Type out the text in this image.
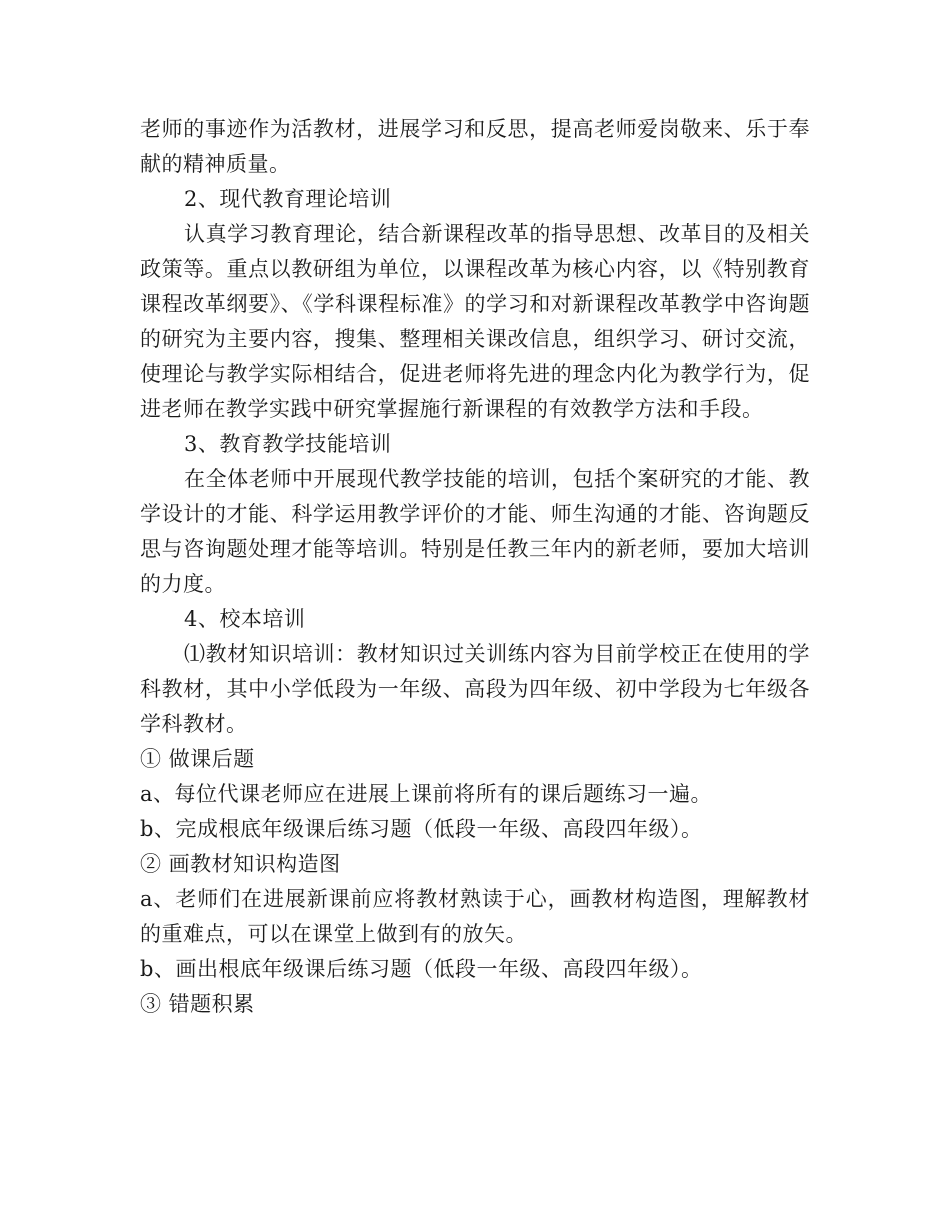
老师的事迹作为活教材，进展学习和反思，提高老师爱岗敬来、乐于奉献的精神质量。

2、现代教育理论培训

认真学习教育理论，结合新课程改革的指导思想、改革目的及相关政策等。重点以教研组为单位，以课程改革为核心内容，以《特别教育课程改革纲要》、《学科课程标准》的学习和对新课程改革教学中咨询题的研究为主要内容，搜集、整理相关课改信息，组织学习、研讨交流，使理论与教学实际相结合，促进老师将先进的理念内化为教学行为，促进老师在教学实践中研究掌握施行新课程的有效教学方法和手段。

3、教育教学技能培训

在全体老师中开展现代教学技能的培训，包括个案研究的才能、教学设计的才能、科学运用教学评价的才能、师生沟通的才能、咨询题反思与咨询题处理才能等培训。特别是任教三年内的新老师，要加大培训的力度。

4、校本培训

⑴教材知识培训：教材知识过关训练内容为目前学校正在使用的学科教材，其中小学低段为一年级、高段为四年级、初中学段为七年级各学科教材。

① 做课后题

a、每位代课老师应在进展上课前将所有的课后题练习一遍。

b、完成根底年级课后练习题（低段一年级、高段四年级）。

② 画教材知识构造图

a、老师们在进展新课前应将教材熟读于心，画教材构造图，理解教材的重难点，可以在课堂上做到有的放矢。

b、画出根底年级课后练习题（低段一年级、高段四年级）。

③ 错题积累
